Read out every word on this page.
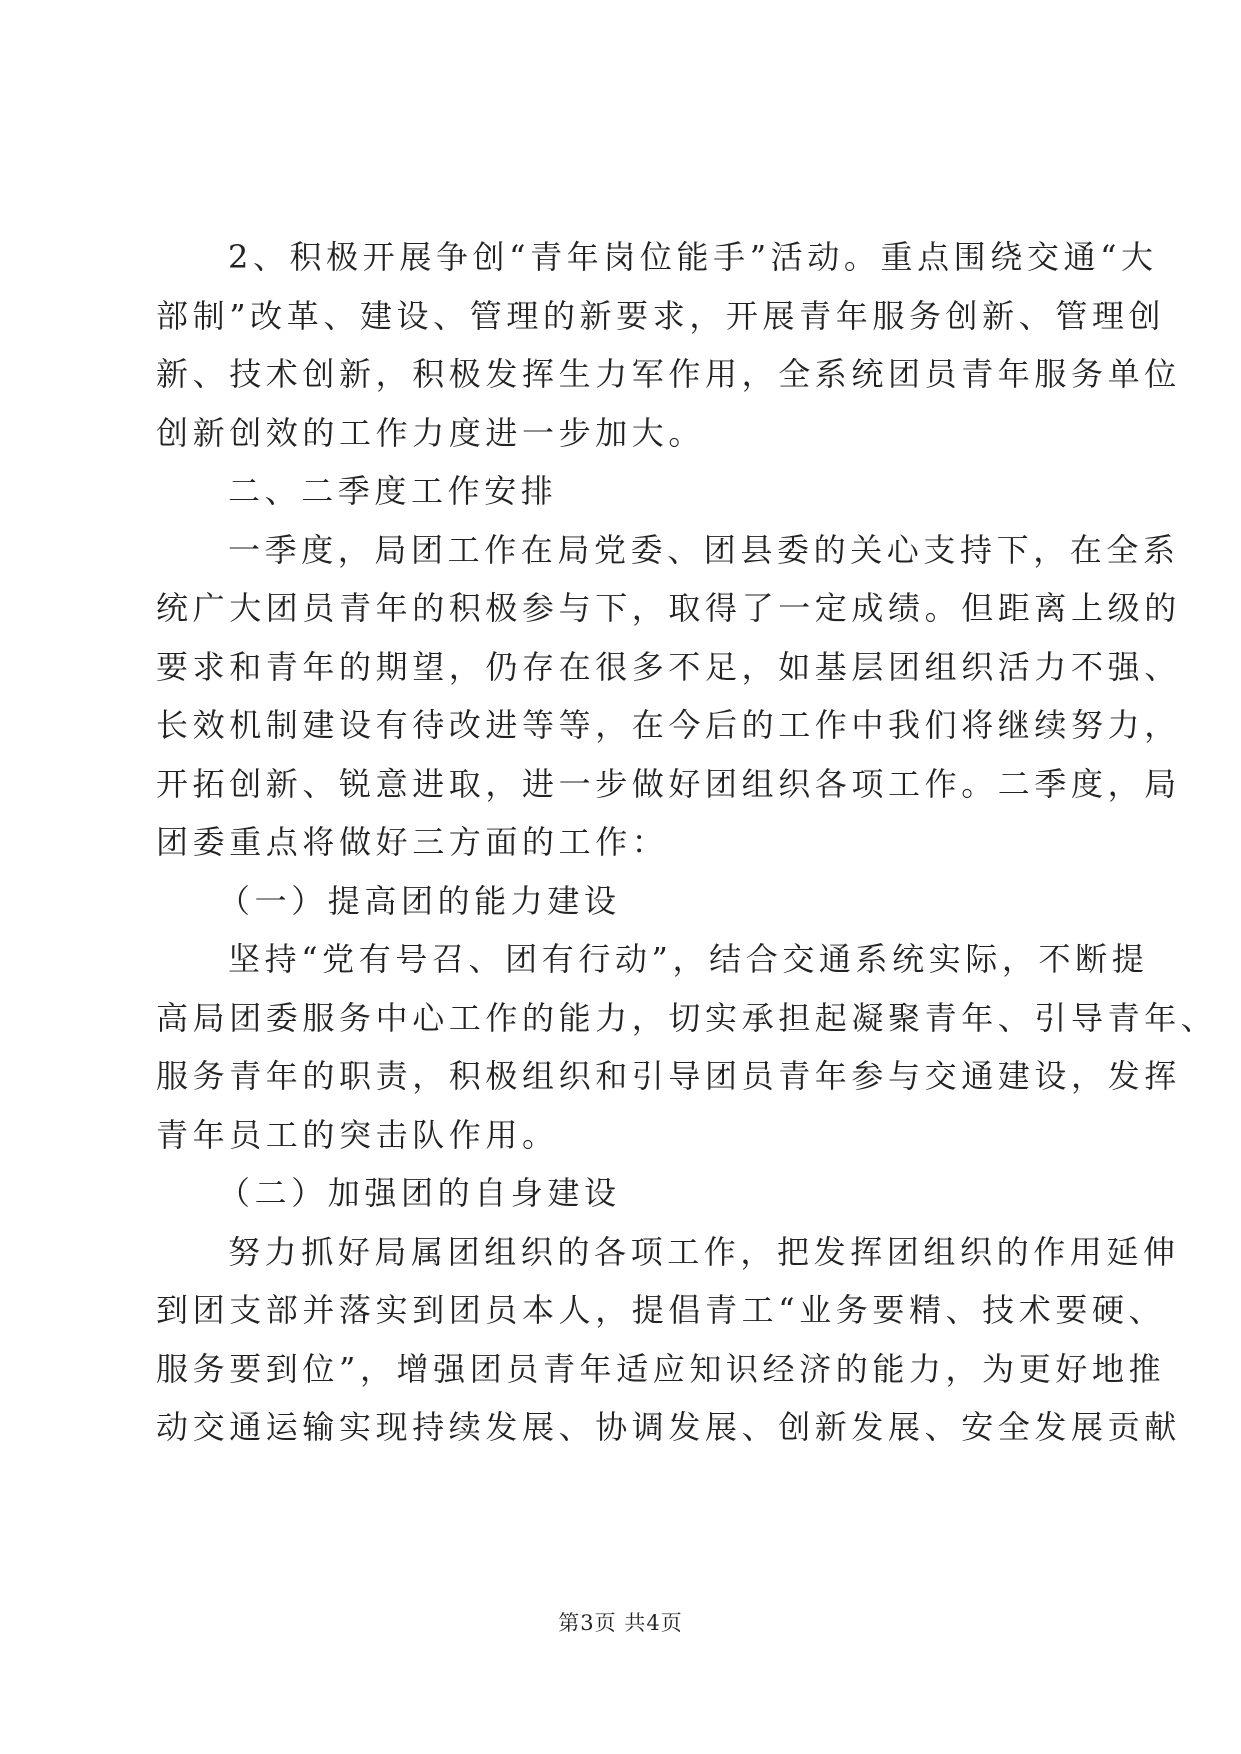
2、积极开展争创“青年岗位能手”活动。重点围绕交通“大
部制”改革、建设、管理的新要求，开展青年服务创新、管理创
新、技术创新，积极发挥生力军作用，全系统团员青年服务单位
创新创效的工作力度进一步加大。
二、二季度工作安排
一季度，局团工作在局党委、团县委的关心支持下，在全系
统广大团员青年的积极参与下，取得了一定成绩。但距离上级的
要求和青年的期望，仍存在很多不足，如基层团组织活力不强、
长效机制建设有待改进等等，在今后的工作中我们将继续努力，
开拓创新、锐意进取，进一步做好团组织各项工作。二季度，局
团委重点将做好三方面的工作：
（一）提高团的能力建设
坚持“党有号召、团有行动”，结合交通系统实际，不断提
高局团委服务中心工作的能力，切实承担起凝聚青年、引导青年、
服务青年的职责，积极组织和引导团员青年参与交通建设，发挥
青年员工的突击队作用。
（二）加强团的自身建设
努力抓好局属团组织的各项工作，把发挥团组织的作用延伸
到团支部并落实到团员本人，提倡青工“业务要精、技术要硬、
服务要到位”，增强团员青年适应知识经济的能力，为更好地推
动交通运输实现持续发展、协调发展、创新发展、安全发展贡献
第3页 共4页
